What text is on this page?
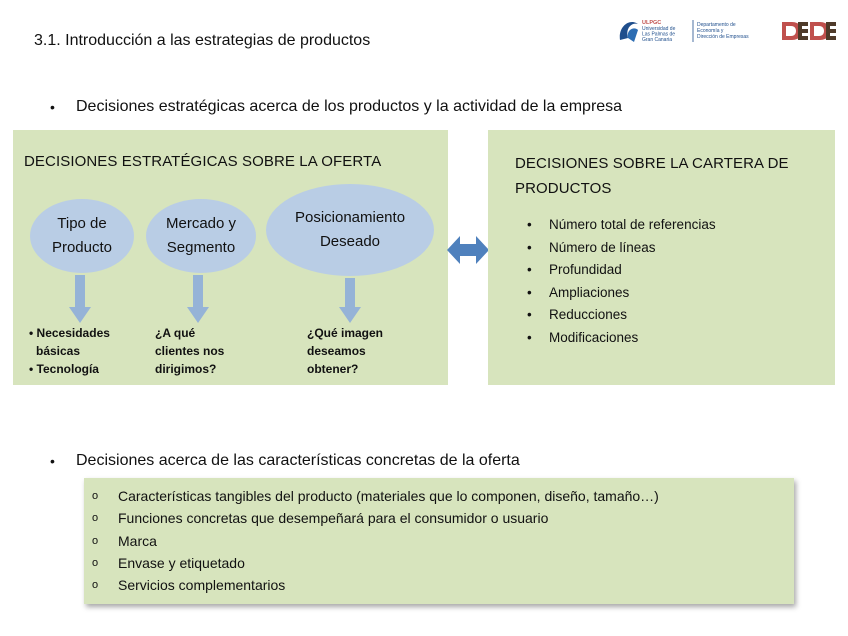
3.1. Introducción a las estrategias de productos
ULPGC
Universidad de
Las Palmas de
Gran Canaria
Departamento de
Economía y
Dirección de Empresas
•	Decisiones estratégicas acerca de los productos y la actividad de la empresa
DECISIONES ESTRATÉGICAS SOBRE LA OFERTA
Tipo de
Producto
Mercado y
Segmento
Posicionamiento
Deseado
• Necesidades
básicas
• Tecnología
¿A qué
clientes nos
dirigimos?
¿Qué imagen
deseamos
obtener?
DECISIONES SOBRE LA CARTERA DE
PRODUCTOS
•	Número total de referencias
•	Número de líneas
•	Profundidad
•	Ampliaciones
•	Reducciones
•	Modificaciones
•	Decisiones acerca de las características concretas de la oferta
o	Características tangibles del producto (materiales que lo componen, diseño, tamaño…)
o	Funciones concretas que desempeñará para el consumidor o usuario
o	Marca
o	Envase y etiquetado
o	Servicios complementarios
